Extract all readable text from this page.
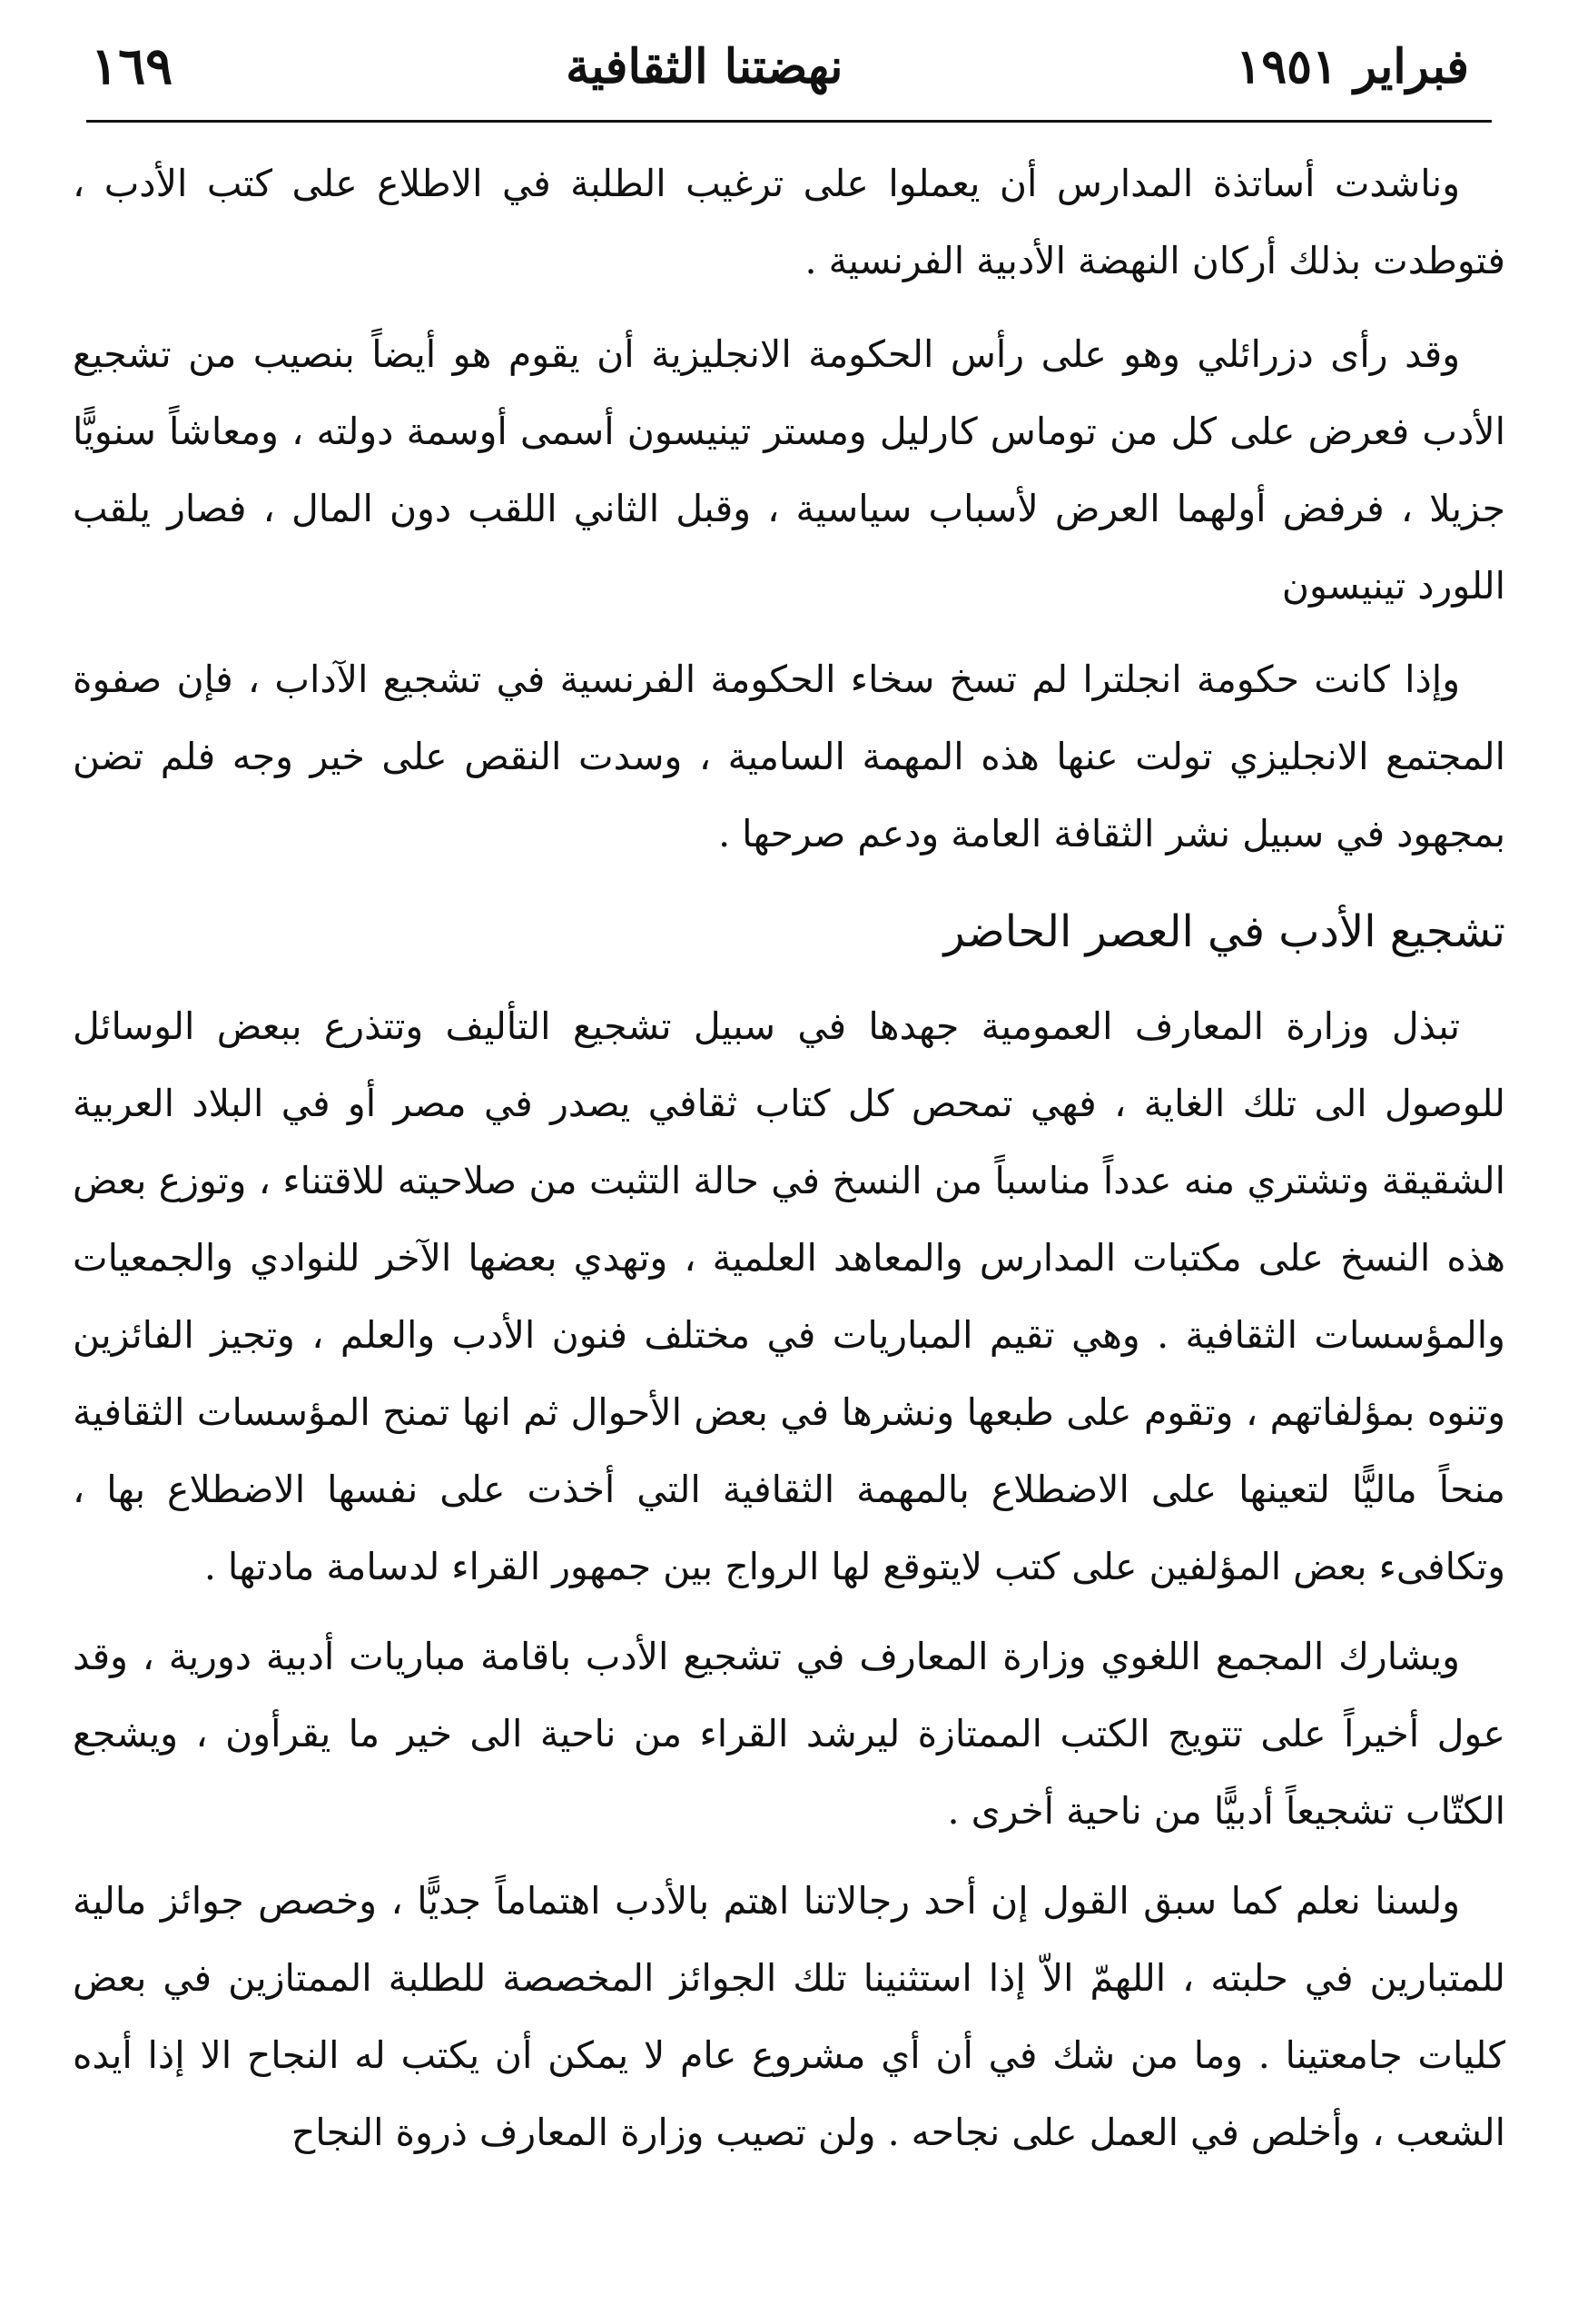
فبراير ١٩٥١
نهضتنا الثقافية
١٦٩

وناشدت أساتذة المدارس أن يعملوا على ترغيب الطلبة في الاطلاع على كتب الأدب ، فتوطدت بذلك أركان النهضة الأدبية الفرنسية .

وقد رأى دزرائلي وهو على رأس الحكومة الانجليزية أن يقوم هو أيضاً بنصيب من تشجيع الأدب فعرض على كل من توماس كارليل ومستر تينيسون أسمى أوسمة دولته ، ومعاشاً سنويًّا جزيلا ، فرفض أولهما العرض لأسباب سياسية ، وقبل الثاني اللقب دون المال ، فصار يلقب اللورد تينيسون

وإذا كانت حكومة انجلترا لم تسخ سخاء الحكومة الفرنسية في تشجيع الآداب ، فإن صفوة المجتمع الانجليزي تولت عنها هذه المهمة السامية ، وسدت النقص على خير وجه فلم تضن بمجهود في سبيل نشر الثقافة العامة ودعم صرحها .

تشجيع الأدب في العصر الحاضر

تبذل وزارة المعارف العمومية جهدها في سبيل تشجيع التأليف وتتذرع ببعض الوسائل للوصول الى تلك الغاية ، فهي تمحص كل كتاب ثقافي يصدر في مصر أو في البلاد العربية الشقيقة وتشتري منه عدداً مناسباً من النسخ في حالة التثبت من صلاحيته للاقتناء ، وتوزع بعض هذه النسخ على مكتبات المدارس والمعاهد العلمية ، وتهدي بعضها الآخر للنوادي والجمعيات والمؤسسات الثقافية . وهي تقيم المباريات في مختلف فنون الأدب والعلم ، وتجيز الفائزين وتنوه بمؤلفاتهم ، وتقوم على طبعها ونشرها في بعض الأحوال ثم انها تمنح المؤسسات الثقافية منحاً ماليًّا لتعينها على الاضطلاع بالمهمة الثقافية التي أخذت على نفسها الاضطلاع بها ، وتكافىء بعض المؤلفين على كتب لايتوقع لها الرواج بين جمهور القراء لدسامة مادتها .

ويشارك المجمع اللغوي وزارة المعارف في تشجيع الأدب باقامة مباريات أدبية دورية ، وقد عول أخيراً على تتويج الكتب الممتازة ليرشد القراء من ناحية الى خير ما يقرأون ، ويشجع الكتّاب تشجيعاً أدبيًّا من ناحية أخرى .

ولسنا نعلم كما سبق القول إن أحد رجالاتنا اهتم بالأدب اهتماماً جديًّا ، وخصص جوائز مالية للمتبارين في حلبته ، اللهمّ الاّ إذا استثنينا تلك الجوائز المخصصة للطلبة الممتازين في بعض كليات جامعتينا . وما من شك في أن أي مشروع عام لا يمكن أن يكتب له النجاح الا إذا أيده الشعب ، وأخلص في العمل على نجاحه . ولن تصيب وزارة المعارف ذروة النجاح
